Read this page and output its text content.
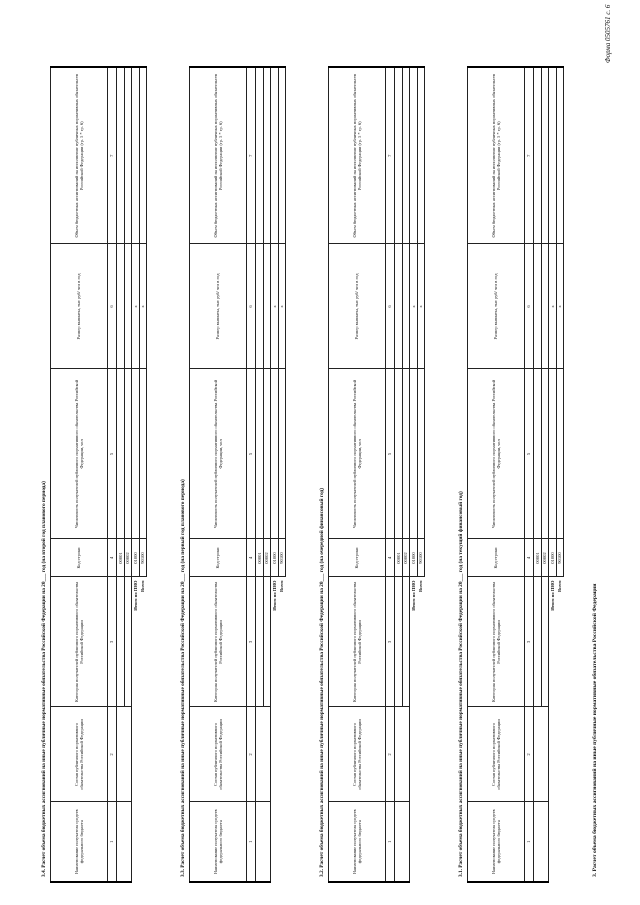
Форма 0505761 с. 6
3. Расчет объема бюджетных ассигнований на иные публичные нормативные обязательства Российской Федерации
3.1. Расчет объема бюджетных ассигнований на иные публичные нормативные обязательства Российской Федерации на 20___ год (на текущий финансовый год)	Наименование получателя средств федерального бюджета	Состав публичного нормативного обязательства Российской Федерации	Категория получателей публичного нормативного обязательства Российской Федерации	Код строки	Численность получателей публичного нормативного обязательства Российской Федерации, чел	Размер выплаты, тыс руб/ чел в год	Объем бюджетных ассигнований на исполнение публичных нормативных обязательств Российской Федерации (гр. 5 * гр. 6)
1	2	3	4	5	6	7
			00001			
			00002			
Итого по ПНО			01000		х	
Всего			90100		х	
3.2. Расчет объема бюджетных ассигнований на иные публичные нормативные обязательства Российской Федерации на 20___ год (на очередной финансовый год)	Наименование получателя средств федерального бюджета	Состав публичного нормативного обязательства Российской Федерации	Категория получателей публичного нормативного обязательства Российской Федерации	Код строки	Численность получателей публичного нормативного обязательства Российской Федерации, чел	Размер выплаты, тыс руб/ чел в год	Объем бюджетных ассигнований на исполнение публичных нормативных обязательств Российской Федерации (гр. 5 * гр. 6)
1	2	3	4	5	6	7
			00001			
			00002			
Итого по ПНО			01000		х	
Всего			90100		х	
3.3. Расчет объема бюджетных ассигнований на иные публичные нормативные обязательства Российской Федерации на 20___ год (на первый год планового периода)	Наименование получателя средств федерального бюджета	Состав публичного нормативного обязательства Российской Федерации	Категория получателей публичного нормативного обязательства Российской Федерации	Код строки	Численность получателей публичного нормативного обязательства Российской Федерации, чел	Размер выплаты, тыс руб/ чел в год	Объем бюджетных ассигнований на исполнение публичных нормативных обязательств Российской Федерации (гр. 5 * гр. 6)
1	2	3	4	5	6	7
			00001			
			00002			
Итого по ПНО			01000		х	
Всего			90100		х	
3.4. Расчет объема бюджетных ассигнований на иные публичные нормативные обязательства Российской Федерации на 20___ год (на второй год планового периода)	Наименование получателя средств федерального бюджета	Состав публичного нормативного обязательства Российской Федерации	Категория получателей публичного нормативного обязательства Российской Федерации	Код строки	Численность получателей публичного нормативного обязательства Российской Федерации, чел	Размер выплаты, тыс руб/ чел в год	Объем бюджетных ассигнований на исполнение публичных нормативных обязательств Российской Федерации (гр. 5 * гр. 6)
1	2	3	4	5	6	7
			00001			
			00002			
Итого по ПНО			01000		х	
Всего			90100		х	
